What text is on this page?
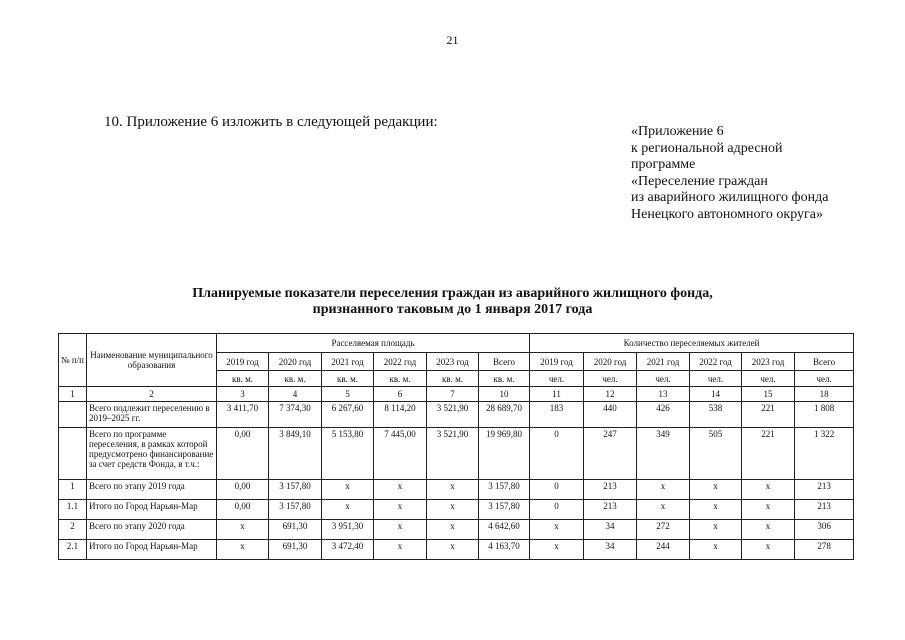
21
10. Приложение 6 изложить в следующей редакции:
«Приложение 6
к региональной адресной
программе
«Переселение граждан
из аварийного жилищного фонда
Ненецкого автономного округа»
Планируемые показатели переселения граждан из аварийного жилищного фонда,
признанного таковым до 1 января 2017 года
№ п/п	Наименование муниципального образования	Расселяемая площадь						Количество переселяемых жителей					
		2019 год	2020 год	2021 год	2022 год	2023 год	Всего	2019 год	2020 год	2021 год	2022 год	2023 год	Всего
		кв. м.	кв. м.	кв. м.	кв. м.	кв. м.	кв. м.	чел.	чел.	чел.	чел.	чел.	чел.
1	2	3	4	5	6	7	10	11	12	13	14	15	18
	Всего подлежит переселению в 2019–2025 гг.	3 411,70	7 374,30	6 267,60	8 114,20	3 521,90	28 689,70	183	440	426	538	221	1 808
	Всего по программе переселения, в рамках которой предусмотрено финансирование за счет средств Фонда, в т.ч.:	0,00	3 849,10	5 153,80	7 445,00	3 521,90	19 969,80	0	247	349	505	221	1 322
1	Всего по этапу 2019 года	0,00	3 157,80	х	х	х	3 157,80	0	213	х	х	х	213
1.1	Итого по Город Нарьян-Мар	0,00	3 157,80	х	х	х	3 157,80	0	213	х	х	х	213
2	Всего по этапу 2020 года	х	691,30	3 951,30	х	х	4 642,60	х	34	272	х	х	306
2.1	Итого по Город Нарьян-Мар	х	691,30	3 472,40	х	х	4 163,70	х	34	244	х	х	278
